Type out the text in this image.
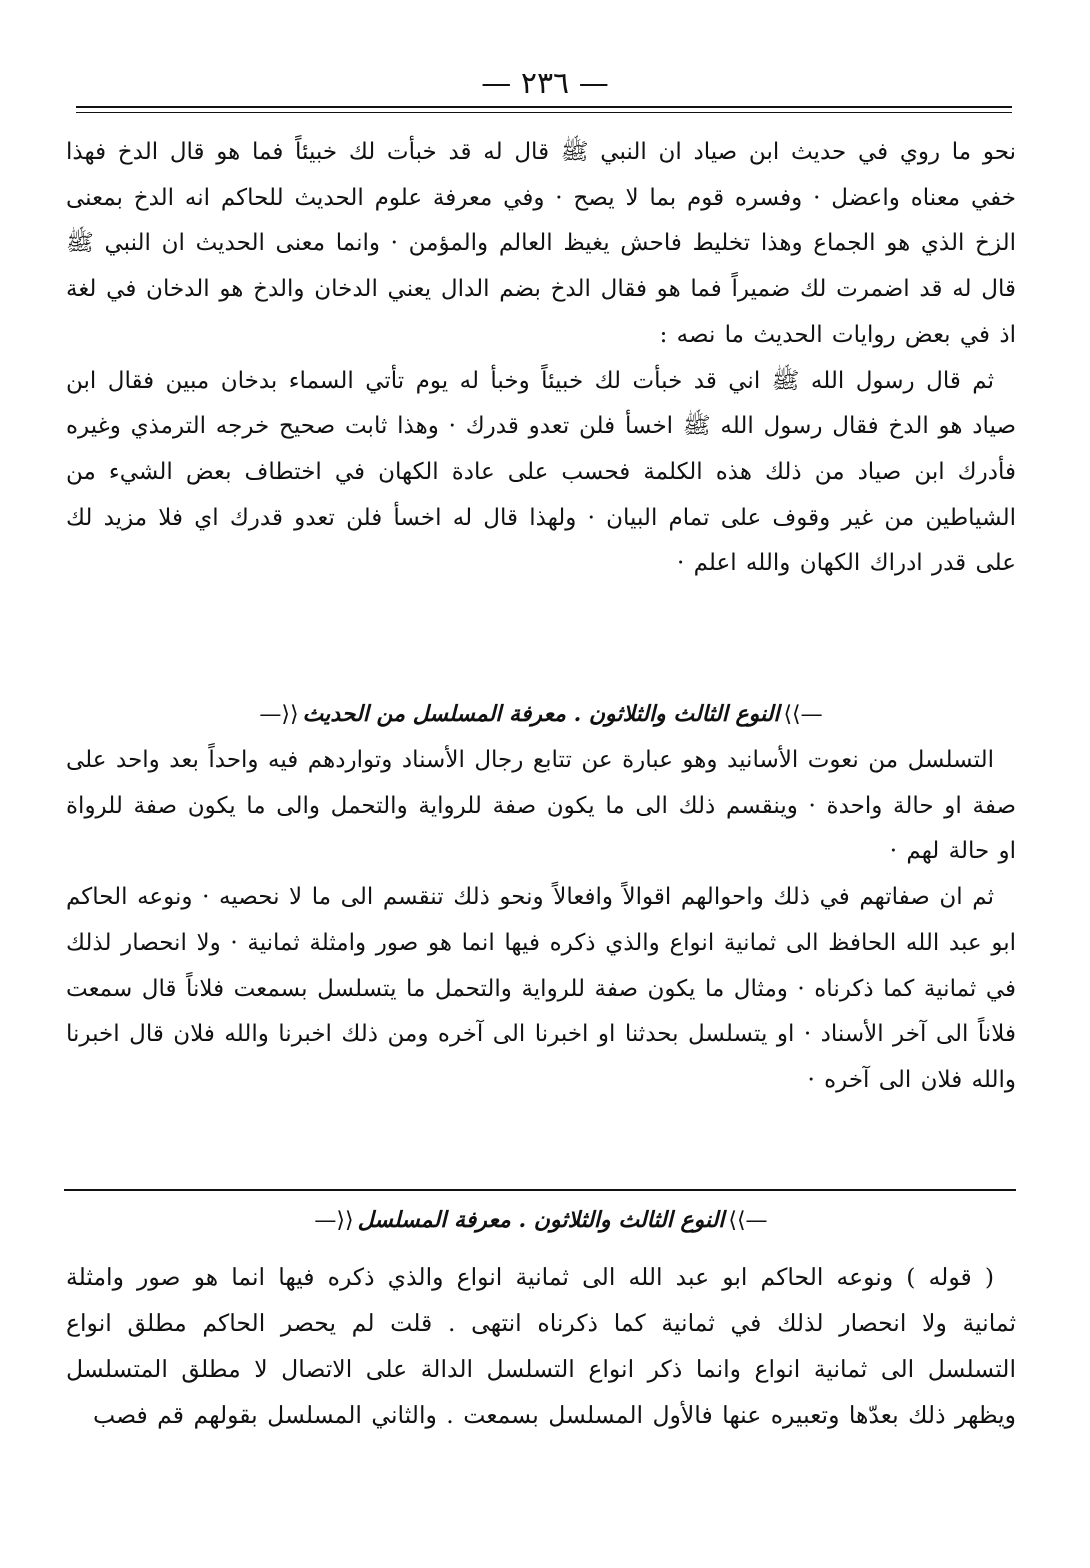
— ٢٣٦ —

نحو ما روي في حديث ابن صياد ان النبي ﷺ قال له قد خبأت لك خبيئاً فما هو قال الدخ فهذا خفي معناه واعضل · وفسره قوم بما لا يصح · وفي معرفة علوم الحديث للحاكم انه الدخ بمعنى الزخ الذي هو الجماع وهذا تخليط فاحش يغيظ العالم والمؤمن · وانما معنى الحديث ان النبي ﷺ قال له قد اضمرت لك ضميراً فما هو فقال الدخ بضم الدال يعني الدخان والدخ هو الدخان في لغة اذ في بعض روايات الحديث ما نصه :

ثم قال رسول الله ﷺ اني قد خبأت لك خبيئاً وخبأ له يوم تأتي السماء بدخان مبين فقال ابن صياد هو الدخ فقال رسول الله ﷺ اخسأ فلن تعدو قدرك · وهذا ثابت صحيح خرجه الترمذي وغيره فأدرك ابن صياد من ذلك هذه الكلمة فحسب على عادة الكهان في اختطاف بعض الشيء من الشياطين من غير وقوف على تمام البيان · ولهذا قال له اخسأ فلن تعدو قدرك اي فلا مزيد لك على قدر ادراك الكهان والله اعلم ·

—⟩⟩النوع الثالث والثلاثون . معرفة المسلسل من الحديث⟨⟨—

التسلسل من نعوت الأسانيد وهو عبارة عن تتابع رجال الأسناد وتواردهم فيه واحداً بعد واحد على صفة او حالة واحدة · وينقسم ذلك الى ما يكون صفة للرواية والتحمل والى ما يكون صفة للرواة او حالة لهم ·

ثم ان صفاتهم في ذلك واحوالهم اقوالاً وافعالاً ونحو ذلك تنقسم الى ما لا نحصيه · ونوعه الحاكم ابو عبد الله الحافظ الى ثمانية انواع والذي ذكره فيها انما هو صور وامثلة ثمانية · ولا انحصار لذلك في ثمانية كما ذكرناه · ومثال ما يكون صفة للرواية والتحمل ما يتسلسل بسمعت فلاناً قال سمعت فلاناً الى آخر الأسناد · او يتسلسل بحدثنا او اخبرنا الى آخره ومن ذلك اخبرنا والله فلان قال اخبرنا والله فلان الى آخره ·

—⟩⟩النوع الثالث والثلاثون . معرفة المسلسل⟨⟨—

( قوله ) ونوعه الحاكم ابو عبد الله الى ثمانية انواع والذي ذكره فيها انما هو صور وامثلة ثمانية ولا انحصار لذلك في ثمانية كما ذكرناه انتهى . قلت لم يحصر الحاكم مطلق انواع التسلسل الى ثمانية انواع وانما ذكر انواع التسلسل الدالة على الاتصال لا مطلق المتسلسل ويظهر ذلك بعدّها وتعبيره عنها فالأول المسلسل بسمعت . والثاني المسلسل بقولهم قم فصب
